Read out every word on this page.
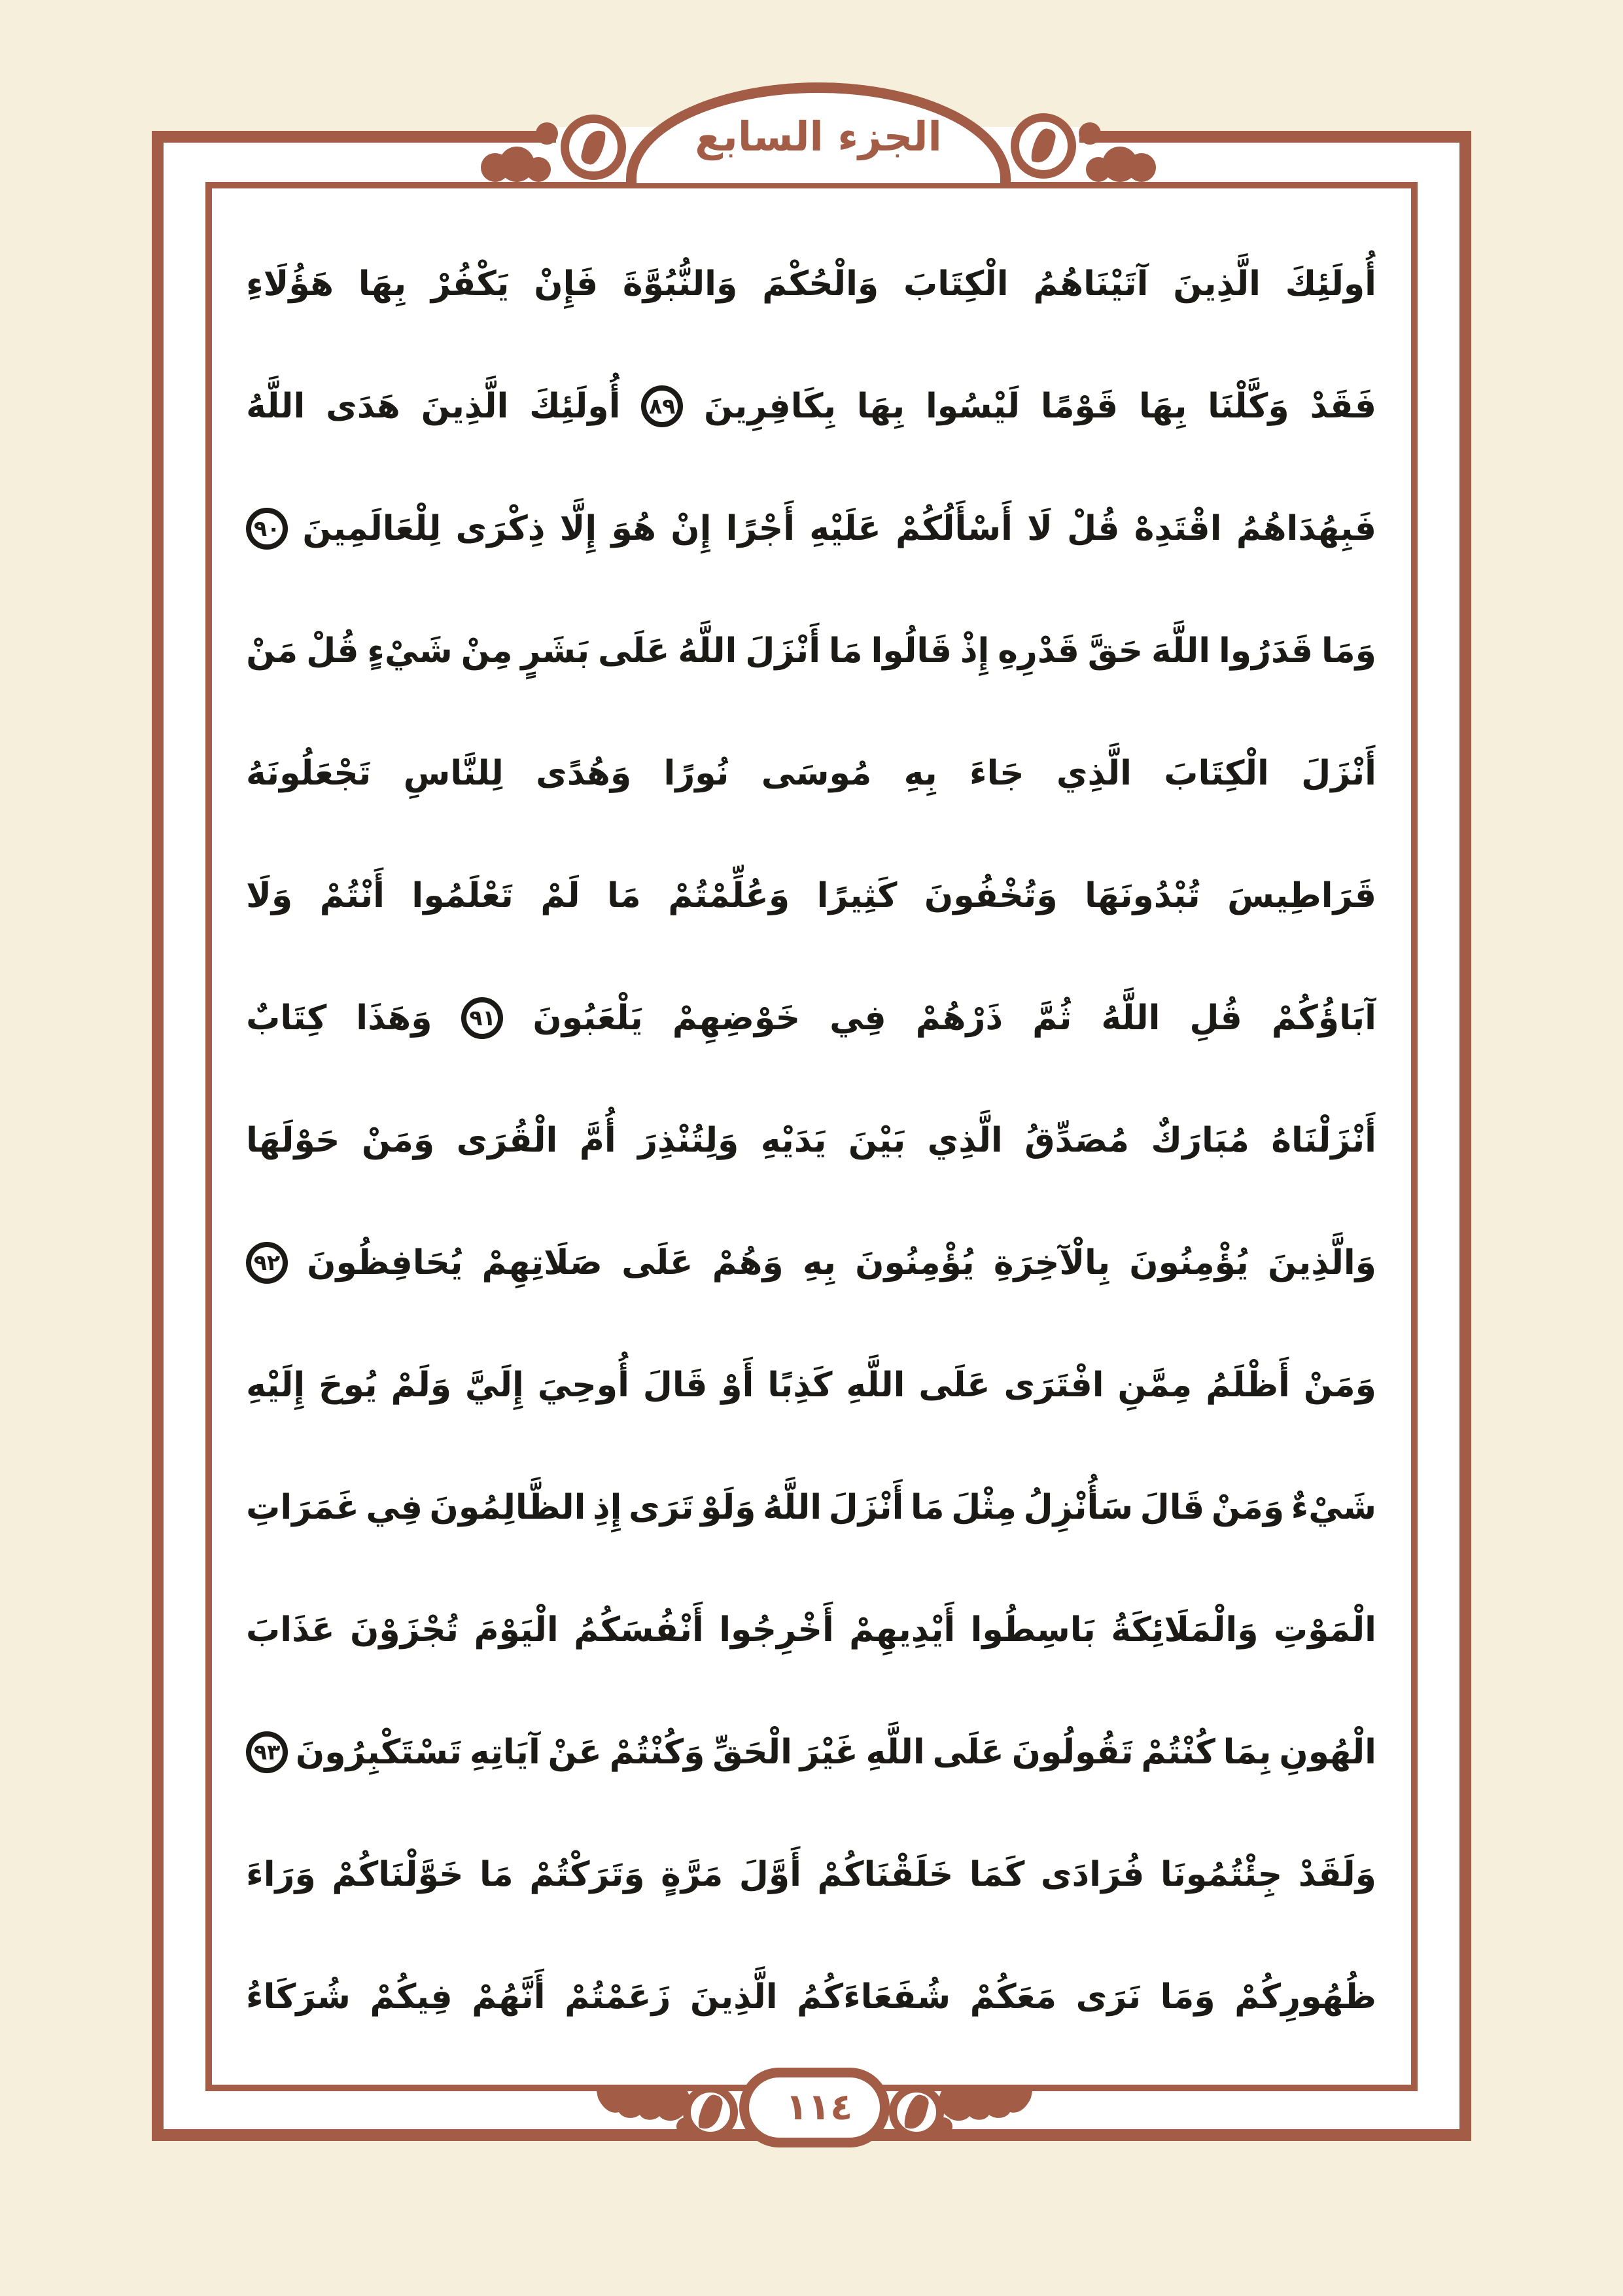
الجزء السابع
أُولَئِكَ
الَّذِينَ
آتَيْنَاهُمُ
الْكِتَابَ
وَالْحُكْمَ
وَالنُّبُوَّةَ
فَإِنْ
يَكْفُرْ
بِهَا
هَؤُلَاءِ
فَقَدْ
وَكَّلْنَا
بِهَا
قَوْمًا
لَيْسُوا
بِهَا
بِكَافِرِينَ
٨٩
أُولَئِكَ
الَّذِينَ
هَدَى
اللَّهُ
فَبِهُدَاهُمُ
اقْتَدِهْ
قُلْ
لَا
أَسْأَلُكُمْ
عَلَيْهِ
أَجْرًا
إِنْ
هُوَ
إِلَّا
ذِكْرَى
لِلْعَالَمِينَ
٩٠
وَمَا
قَدَرُوا
اللَّهَ
حَقَّ
قَدْرِهِ
إِذْ
قَالُوا
مَا
أَنْزَلَ
اللَّهُ
عَلَى
بَشَرٍ
مِنْ
شَيْءٍ
قُلْ
مَنْ
أَنْزَلَ
الْكِتَابَ
الَّذِي
جَاءَ
بِهِ
مُوسَى
نُورًا
وَهُدًى
لِلنَّاسِ
تَجْعَلُونَهُ
قَرَاطِيسَ
تُبْدُونَهَا
وَتُخْفُونَ
كَثِيرًا
وَعُلِّمْتُمْ
مَا
لَمْ
تَعْلَمُوا
أَنْتُمْ
وَلَا
آبَاؤُكُمْ
قُلِ
اللَّهُ
ثُمَّ
ذَرْهُمْ
فِي
خَوْضِهِمْ
يَلْعَبُونَ
٩١
وَهَذَا
كِتَابٌ
أَنْزَلْنَاهُ
مُبَارَكٌ
مُصَدِّقُ
الَّذِي
بَيْنَ
يَدَيْهِ
وَلِتُنْذِرَ
أُمَّ
الْقُرَى
وَمَنْ
حَوْلَهَا
وَالَّذِينَ
يُؤْمِنُونَ
بِالْآخِرَةِ
يُؤْمِنُونَ
بِهِ
وَهُمْ
عَلَى
صَلَاتِهِمْ
يُحَافِظُونَ
٩٢
وَمَنْ
أَظْلَمُ
مِمَّنِ
افْتَرَى
عَلَى
اللَّهِ
كَذِبًا
أَوْ
قَالَ
أُوحِيَ
إِلَيَّ
وَلَمْ
يُوحَ
إِلَيْهِ
شَيْءٌ
وَمَنْ
قَالَ
سَأُنْزِلُ
مِثْلَ
مَا
أَنْزَلَ
اللَّهُ
وَلَوْ
تَرَى
إِذِ
الظَّالِمُونَ
فِي
غَمَرَاتِ
الْمَوْتِ
وَالْمَلَائِكَةُ
بَاسِطُوا
أَيْدِيهِمْ
أَخْرِجُوا
أَنْفُسَكُمُ
الْيَوْمَ
تُجْزَوْنَ
عَذَابَ
الْهُونِ
بِمَا
كُنْتُمْ
تَقُولُونَ
عَلَى
اللَّهِ
غَيْرَ
الْحَقِّ
وَكُنْتُمْ
عَنْ
آيَاتِهِ
تَسْتَكْبِرُونَ
٩٣
وَلَقَدْ
جِئْتُمُونَا
فُرَادَى
كَمَا
خَلَقْنَاكُمْ
أَوَّلَ
مَرَّةٍ
وَتَرَكْتُمْ
مَا
خَوَّلْنَاكُمْ
وَرَاءَ
ظُهُورِكُمْ
وَمَا
نَرَى
مَعَكُمْ
شُفَعَاءَكُمُ
الَّذِينَ
زَعَمْتُمْ
أَنَّهُمْ
فِيكُمْ
شُرَكَاءُ
١١٤
